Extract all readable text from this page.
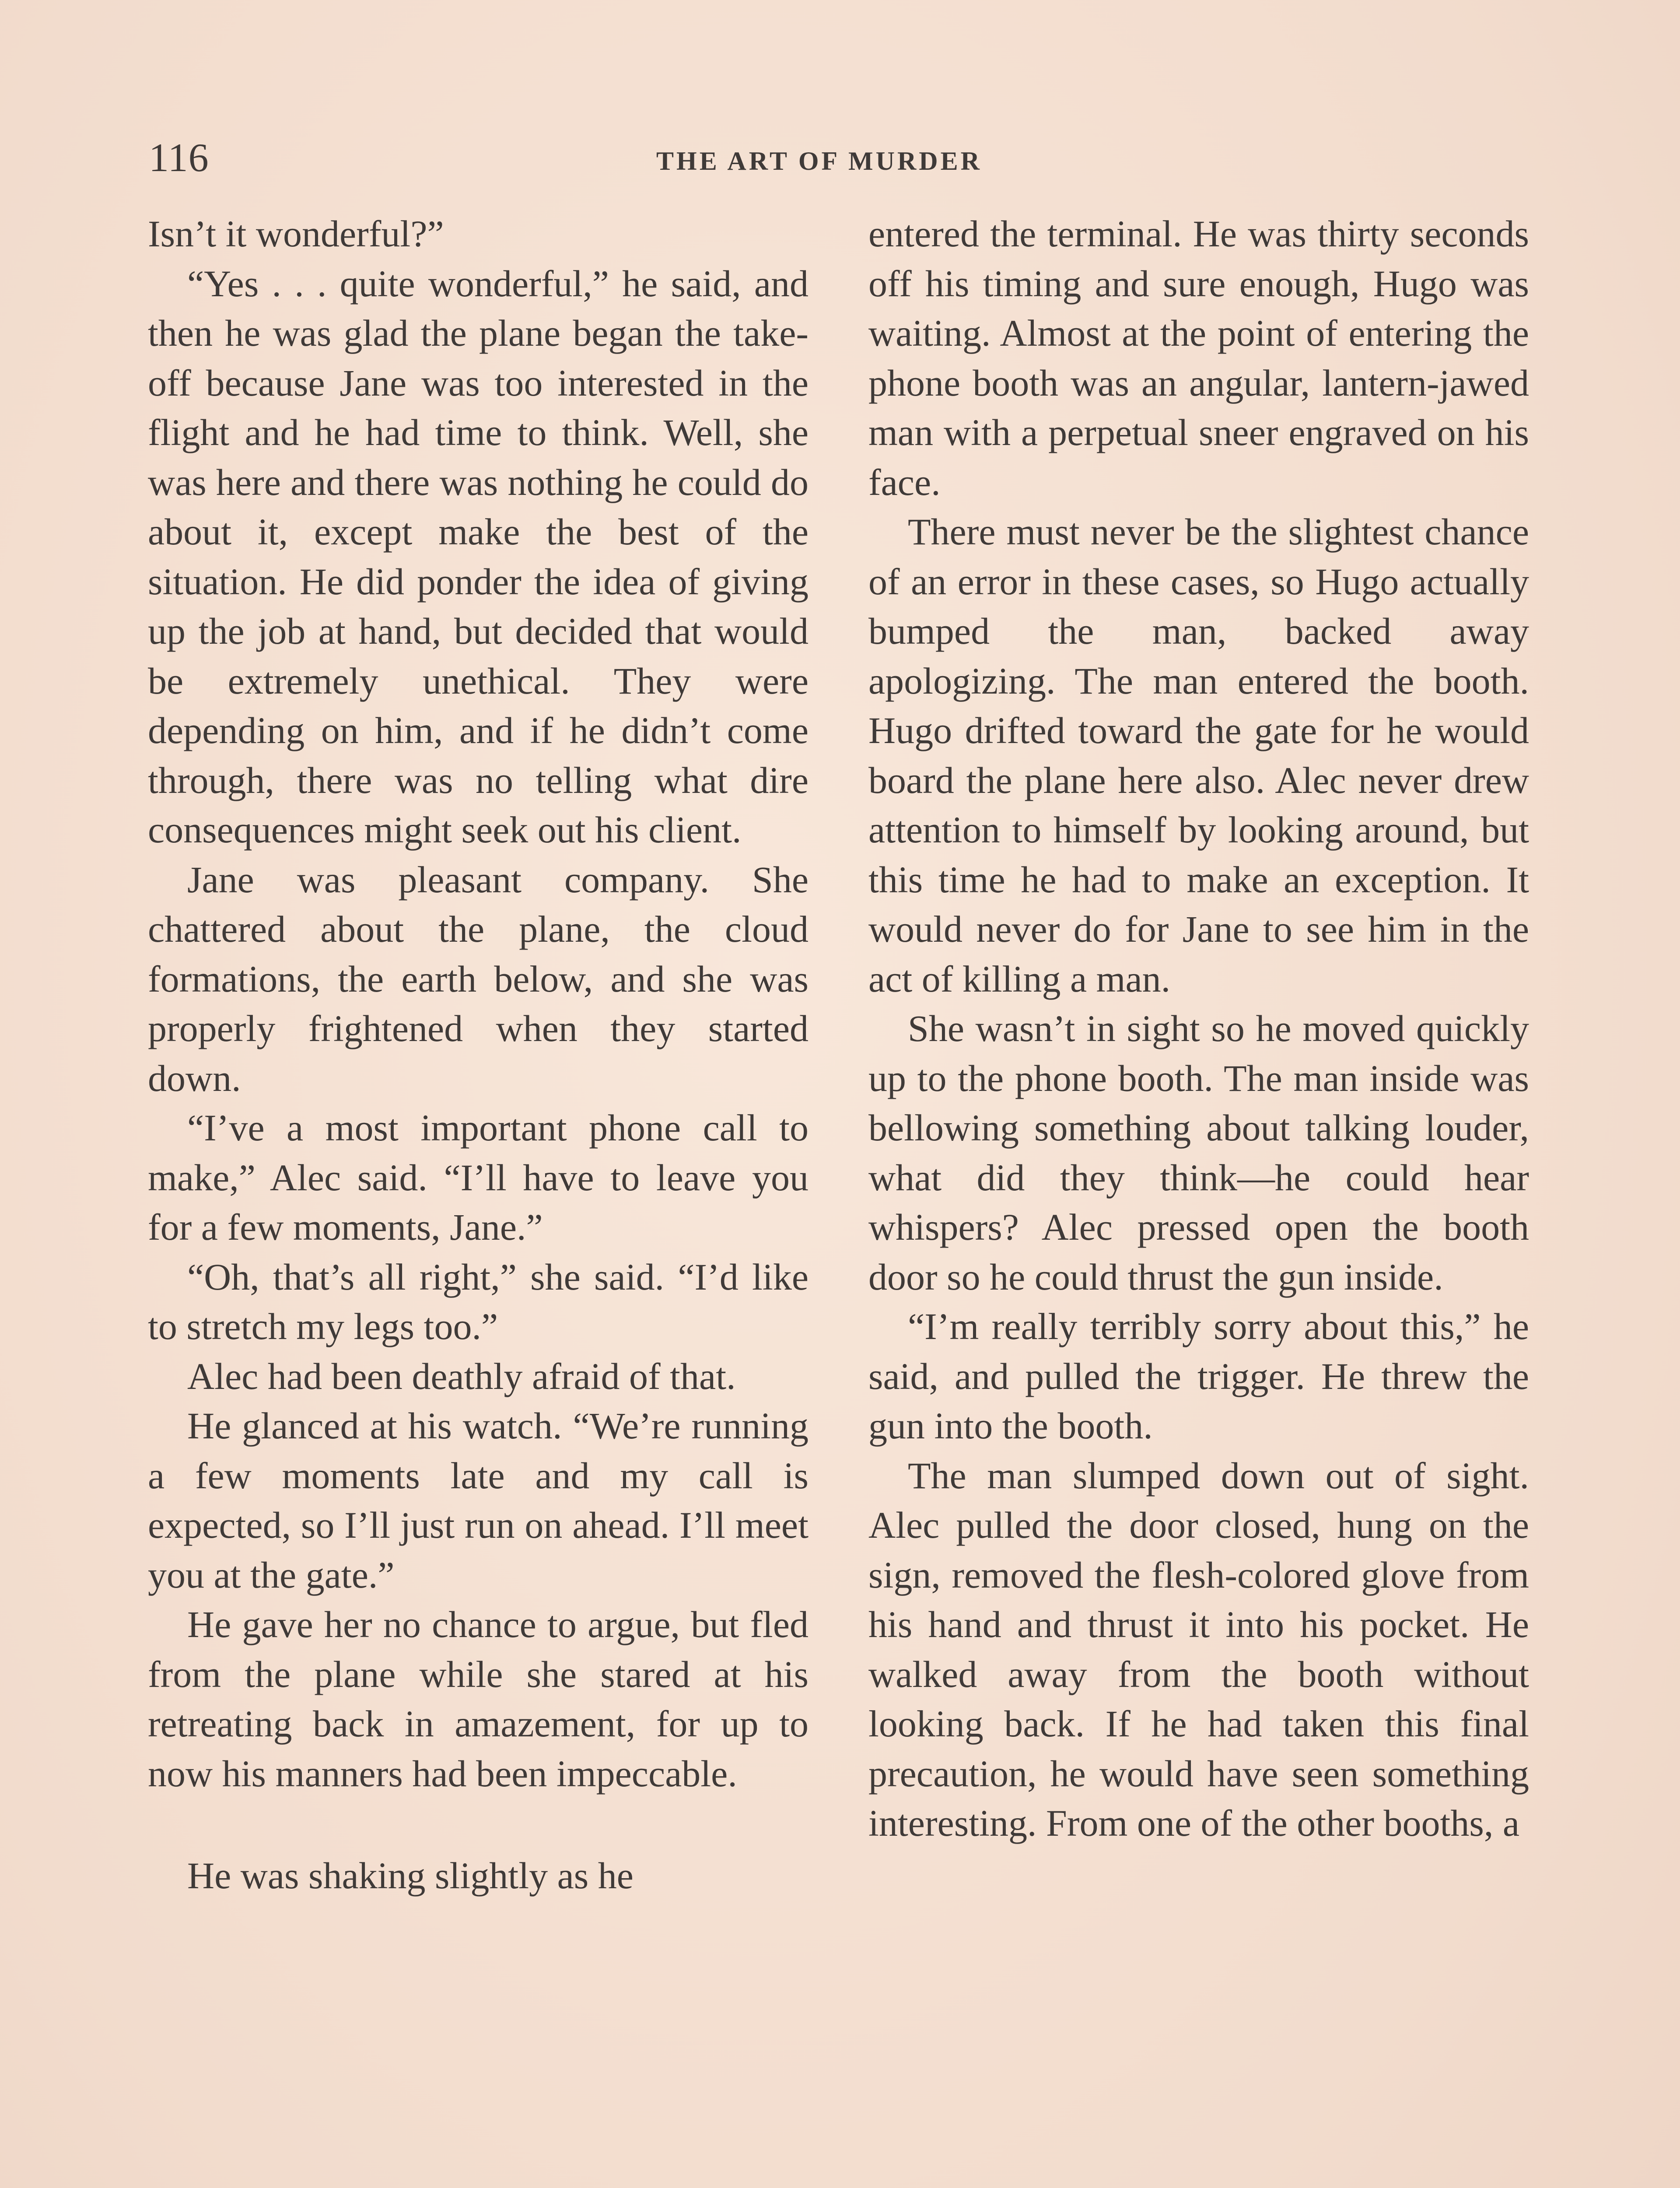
116	THE ART OF MURDER

Isn’t it wonderful?”

“Yes . . . quite wonderful,” he said, and then he was glad the plane began the take-off because Jane was too interested in the flight and he had time to think. Well, she was here and there was nothing he could do about it, except make the best of the situation. He did ponder the idea of giving up the job at hand, but decided that would be extremely unethical. They were depending on him, and if he didn’t come through, there was no telling what dire consequences might seek out his client.

Jane was pleasant company. She chattered about the plane, the cloud formations, the earth below, and she was properly frightened when they started down.

“I’ve a most important phone call to make,” Alec said. “I’ll have to leave you for a few moments, Jane.”

“Oh, that’s all right,” she said. “I’d like to stretch my legs too.”

Alec had been deathly afraid of that.

He glanced at his watch. “We’re running a few moments late and my call is expected, so I’ll just run on ahead. I’ll meet you at the gate.”

He gave her no chance to argue, but fled from the plane while she stared at his retreating back in amazement, for up to now his manners had been impeccable.

He was shaking slightly as he

entered the terminal. He was thirty seconds off his timing and sure enough, Hugo was waiting. Almost at the point of entering the phone booth was an angular, lantern-jawed man with a perpetual sneer engraved on his face.

There must never be the slightest chance of an error in these cases, so Hugo actually bumped the man, backed away apologizing. The man entered the booth. Hugo drifted toward the gate for he would board the plane here also. Alec never drew attention to himself by looking around, but this time he had to make an exception. It would never do for Jane to see him in the act of killing a man.

She wasn’t in sight so he moved quickly up to the phone booth. The man inside was bellowing something about talking louder, what did they think—he could hear whispers? Alec pressed open the booth door so he could thrust the gun inside.

“I’m really terribly sorry about this,” he said, and pulled the trigger. He threw the gun into the booth.

The man slumped down out of sight. Alec pulled the door closed, hung on the sign, removed the flesh-colored glove from his hand and thrust it into his pocket. He walked away from the booth without looking back. If he had taken this final precaution, he would have seen something interesting. From one of the other booths, a
